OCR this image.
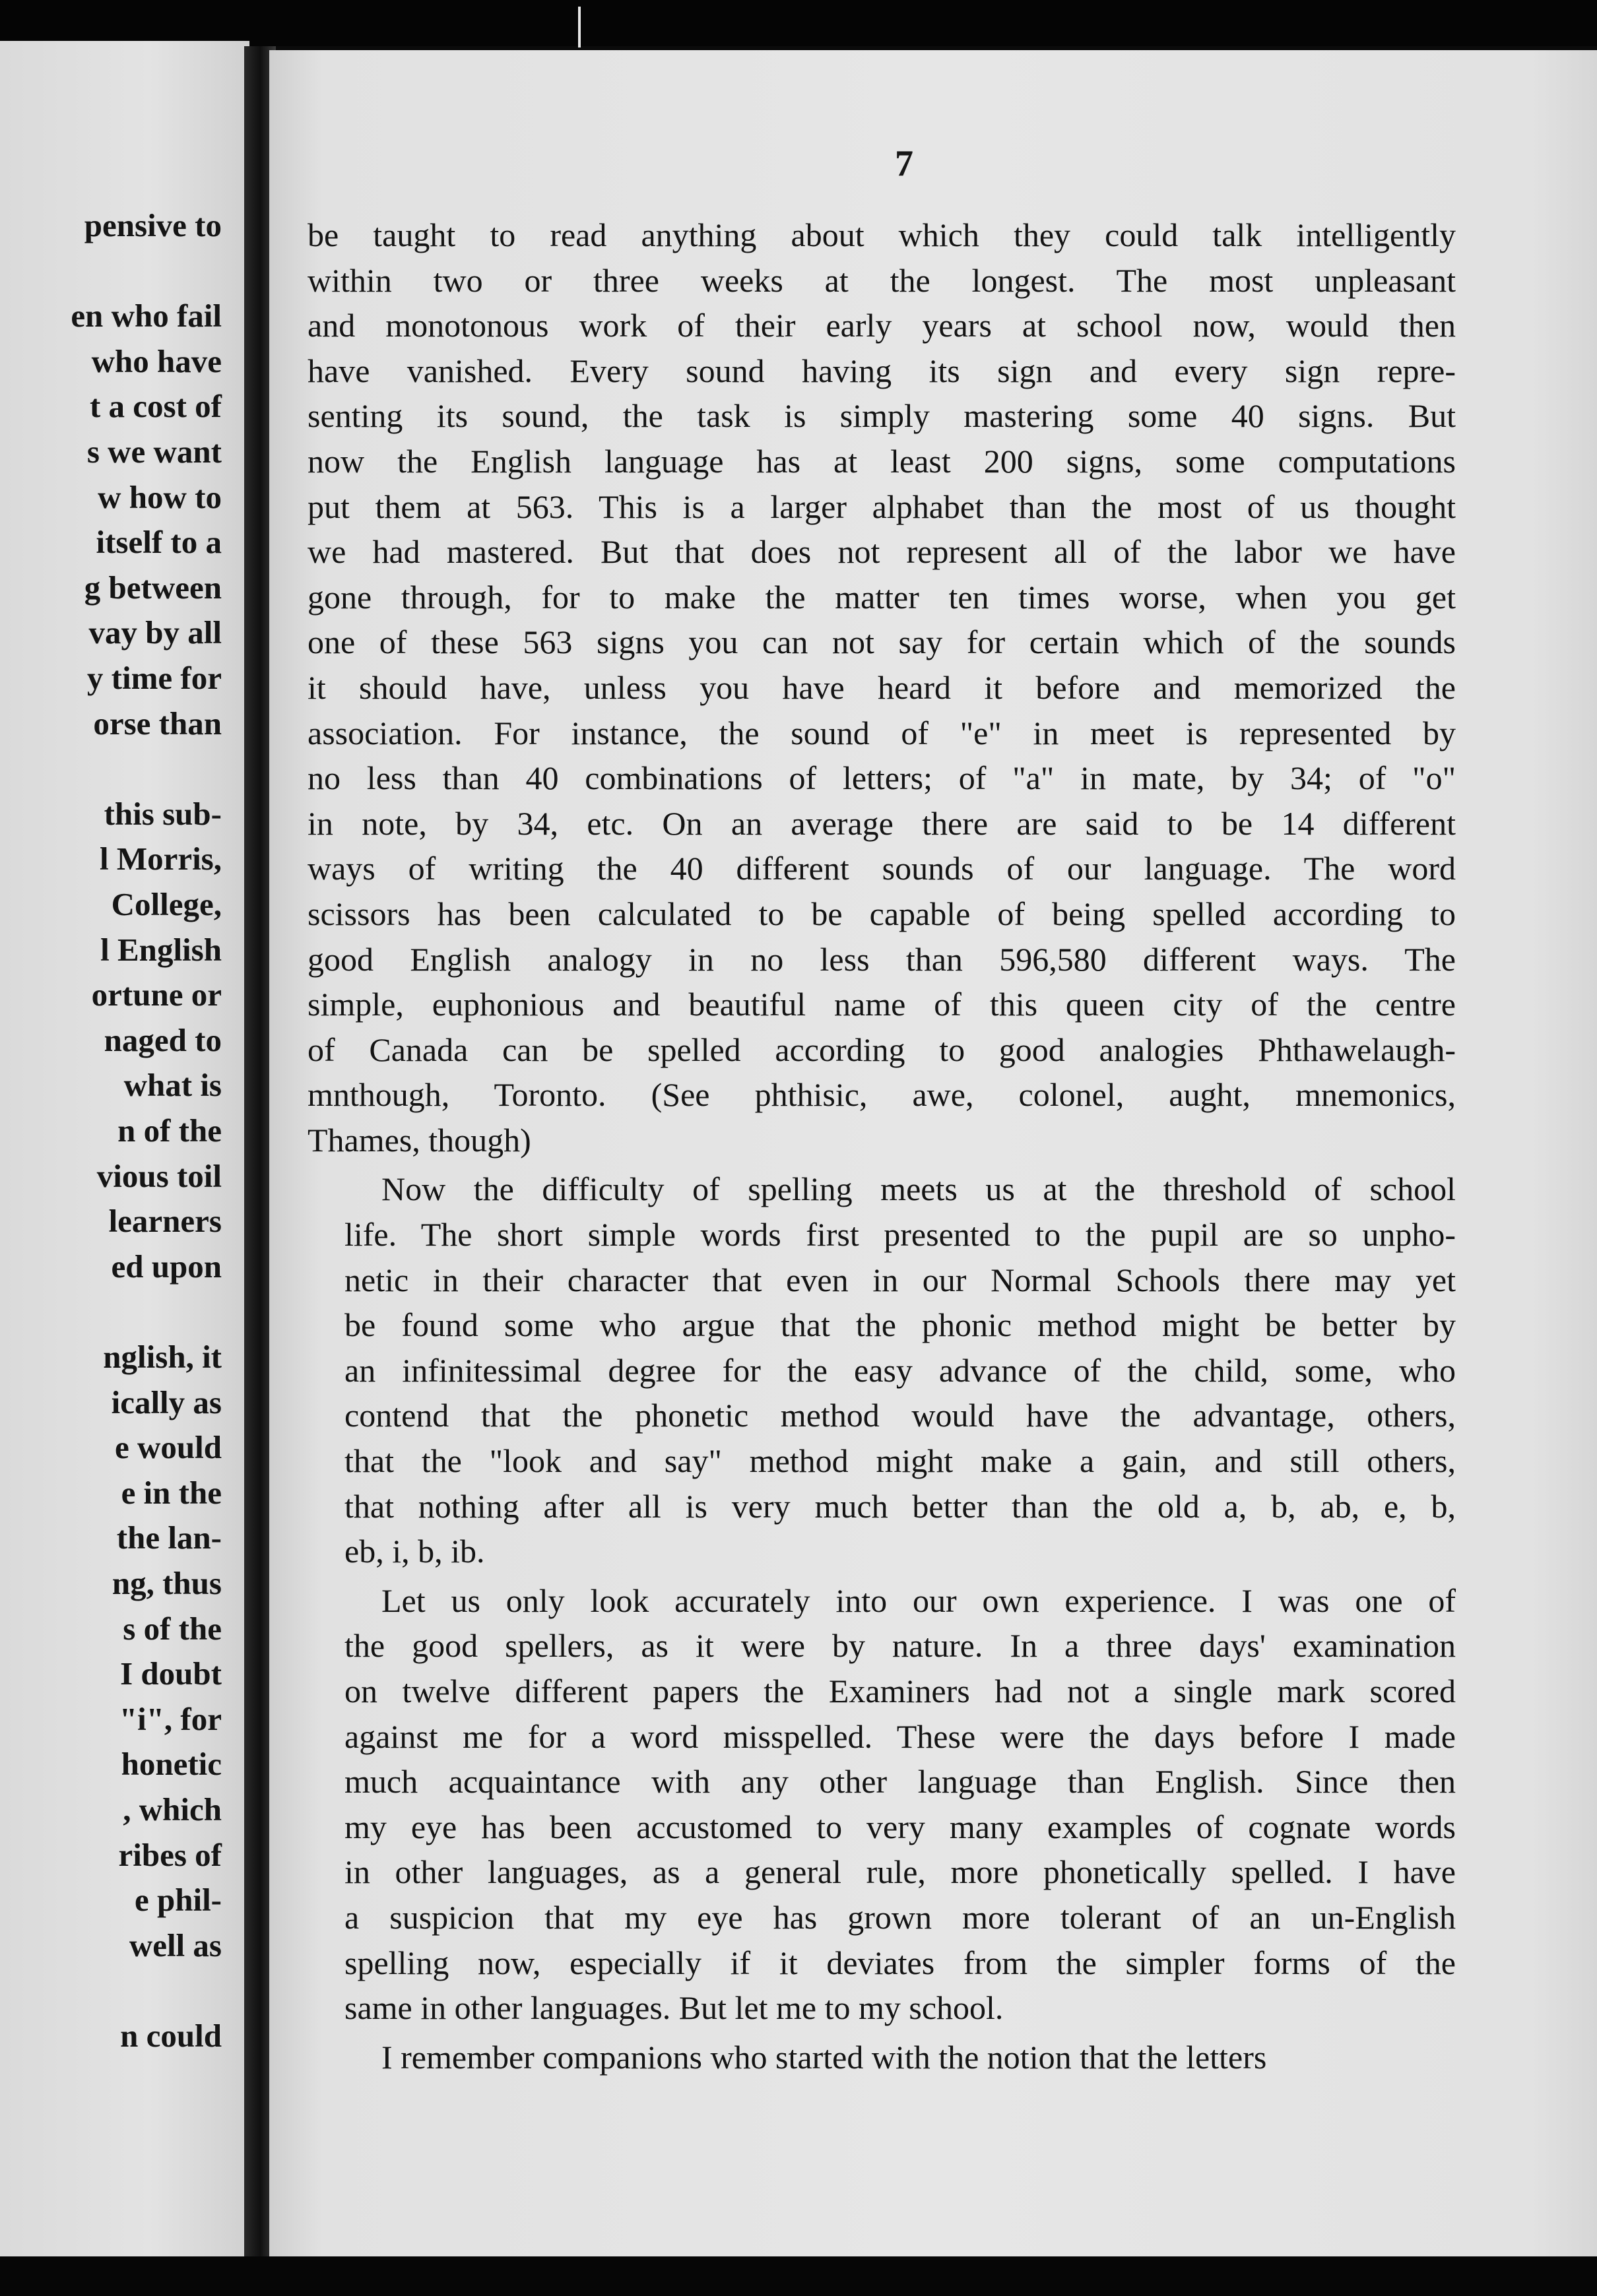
pensive to
en who fail
who have
t a cost of
s we want
w how to
itself to a
g between
vay by all
y time for
orse than
this sub-
l Morris,
College,
l English
ortune or
naged to
what is
n of the
vious toil
learners
ed upon
nglish, it
ically as
e would
e in the
the lan-
ng, thus
s of the
I doubt
"i", for
honetic
, which
ribes of
e phil-
well as
n could
7
be taught to read anything about which they could talk intelligently
within two or three weeks at the longest. The most unpleasant
and monotonous work of their early years at school now, would then
have vanished. Every sound having its sign and every sign repre-
senting its sound, the task is simply mastering some 40 signs. But
now the English language has at least 200 signs, some computations
put them at 563. This is a larger alphabet than the most of us thought
we had mastered. But that does not represent all of the labor we have
gone through, for to make the matter ten times worse, when you get
one of these 563 signs you can not say for certain which of the sounds
it should have, unless you have heard it before and memorized the
association. For instance, the sound of "e" in meet is represented by
no less than 40 combinations of letters; of "a" in mate, by 34; of "o"
in note, by 34, etc. On an average there are said to be 14 different
ways of writing the 40 different sounds of our language. The word
scissors has been calculated to be capable of being spelled according to
good English analogy in no less than 596,580 different ways. The
simple, euphonious and beautiful name of this queen city of the centre
of Canada can be spelled according to good analogies Phthawelaugh-
mnthough, Toronto. (See phthisic, awe, colonel, aught, mnemonics,
Thames, though)
Now the difficulty of spelling meets us at the threshold of school
life. The short simple words first presented to the pupil are so unpho-
netic in their character that even in our Normal Schools there may yet
be found some who argue that the phonic method might be better by
an infinitessimal degree for the easy advance of the child, some, who
contend that the phonetic method would have the advantage, others,
that the "look and say" method might make a gain, and still others,
that nothing after all is very much better than the old a, b, ab, e, b,
eb, i, b, ib.
Let us only look accurately into our own experience. I was one of
the good spellers, as it were by nature. In a three days' examination
on twelve different papers the Examiners had not a single mark scored
against me for a word misspelled. These were the days before I made
much acquaintance with any other language than English. Since then
my eye has been accustomed to very many examples of cognate words
in other languages, as a general rule, more phonetically spelled. I have
a suspicion that my eye has grown more tolerant of an un-English
spelling now, especially if it deviates from the simpler forms of the
same in other languages. But let me to my school.
I remember companions who started with the notion that the letters
